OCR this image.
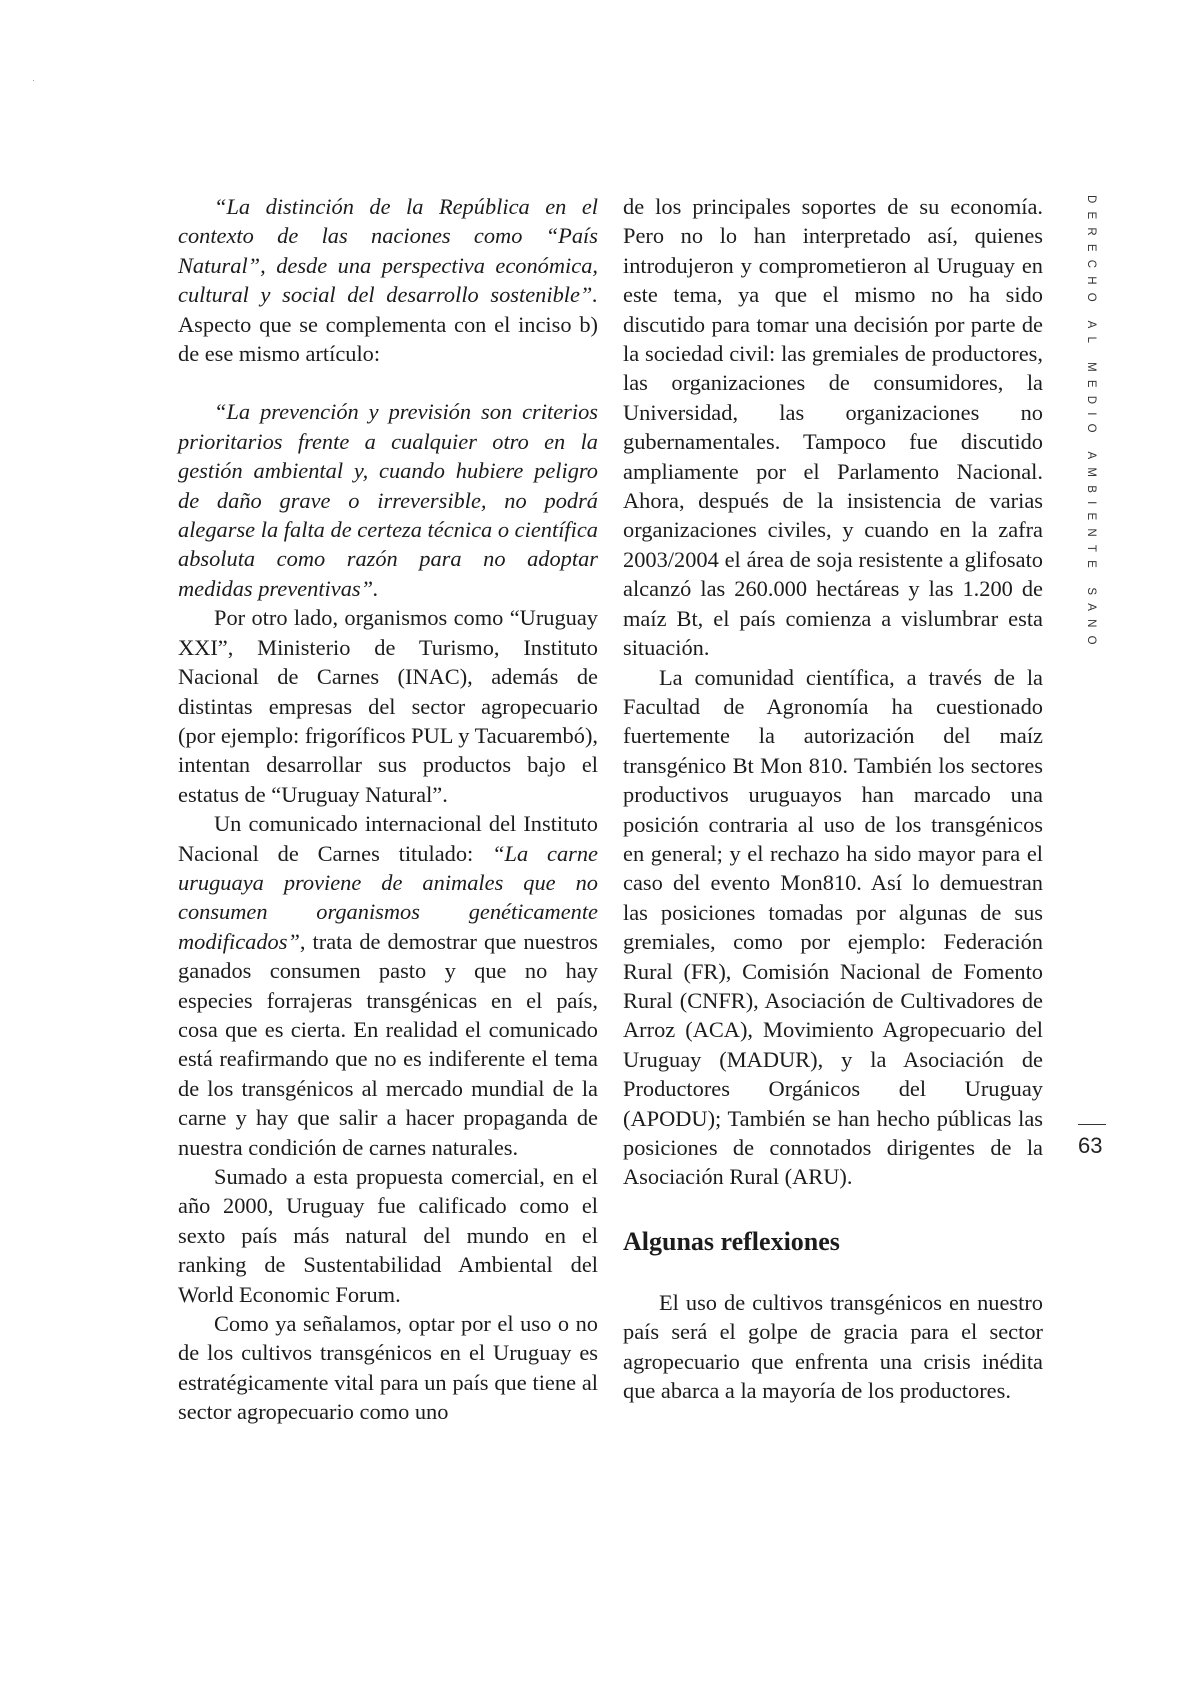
“La distinción de la República en el contexto de las naciones como “País Natural”, desde una perspectiva económica, cultural y social del desarrollo sostenible”. Aspecto que se complementa con el inciso b) de ese mismo artículo:

“La prevención y previsión son criterios prioritarios frente a cualquier otro en la gestión ambiental y, cuando hubiere peligro de daño grave o irreversible, no podrá alegarse la falta de certeza técnica o científica absoluta como razón para no adoptar medidas preventivas”.

Por otro lado, organismos como “Uruguay XXI”, Ministerio de Turismo, Instituto Nacional de Carnes (INAC), además de distintas empresas del sector agropecuario (por ejemplo: frigoríficos PUL y Tacuarembó), intentan desarrollar sus productos bajo el estatus de “Uruguay Natural”.

Un comunicado internacional del Instituto Nacional de Carnes titulado: “La carne uruguaya proviene de animales que no consumen organismos genéticamente modificados”, trata de demostrar que nuestros ganados consumen pasto y que no hay especies forrajeras transgénicas en el país, cosa que es cierta. En realidad el comunicado está reafirmando que no es indiferente el tema de los transgénicos al mercado mundial de la carne y hay que salir a hacer propaganda de nuestra condición de carnes naturales.

Sumado a esta propuesta comercial, en el año 2000, Uruguay fue calificado como el sexto país más natural del mundo en el ranking de Sustentabilidad Ambiental del World Economic Forum.

Como ya señalamos, optar por el uso o no de los cultivos transgénicos en el Uruguay es estratégicamente vital para un país que tiene al sector agropecuario como uno

de los principales soportes de su economía. Pero no lo han interpretado así, quienes introdujeron y comprometieron al Uruguay en este tema, ya que el mismo no ha sido discutido para tomar una decisión por parte de la sociedad civil: las gremiales de productores, las organizaciones de consumidores, la Universidad, las organizaciones no gubernamentales. Tampoco fue discutido ampliamente por el Parlamento Nacional. Ahora, después de la insistencia de varias organizaciones civiles, y cuando en la zafra 2003/2004 el área de soja resistente a glifosato alcanzó las 260.000 hectáreas y las 1.200 de maíz Bt, el país comienza a vislumbrar esta situación.

La comunidad científica, a través de la Facultad de Agronomía ha cuestionado fuertemente la autorización del maíz transgénico Bt Mon 810. También los sectores productivos uruguayos han marcado una posición contraria al uso de los transgénicos en general; y el rechazo ha sido mayor para el caso del evento Mon810. Así lo demuestran las posiciones tomadas por algunas de sus gremiales, como por ejemplo: Federación Rural (FR), Comisión Nacional de Fomento Rural (CNFR), Asociación de Cultivadores de Arroz (ACA), Movimiento Agropecuario del Uruguay (MADUR), y la Asociación de Productores Orgánicos del Uruguay (APODU); También se han hecho públicas las posiciones de connotados dirigentes de la Asociación Rural (ARU).

Algunas reflexiones

El uso de cultivos transgénicos en nuestro país será el golpe de gracia para el sector agropecuario que enfrenta una crisis inédita que abarca a la mayoría de los productores.

DERECHO AL MEDIO AMBIENTE SANO
63
